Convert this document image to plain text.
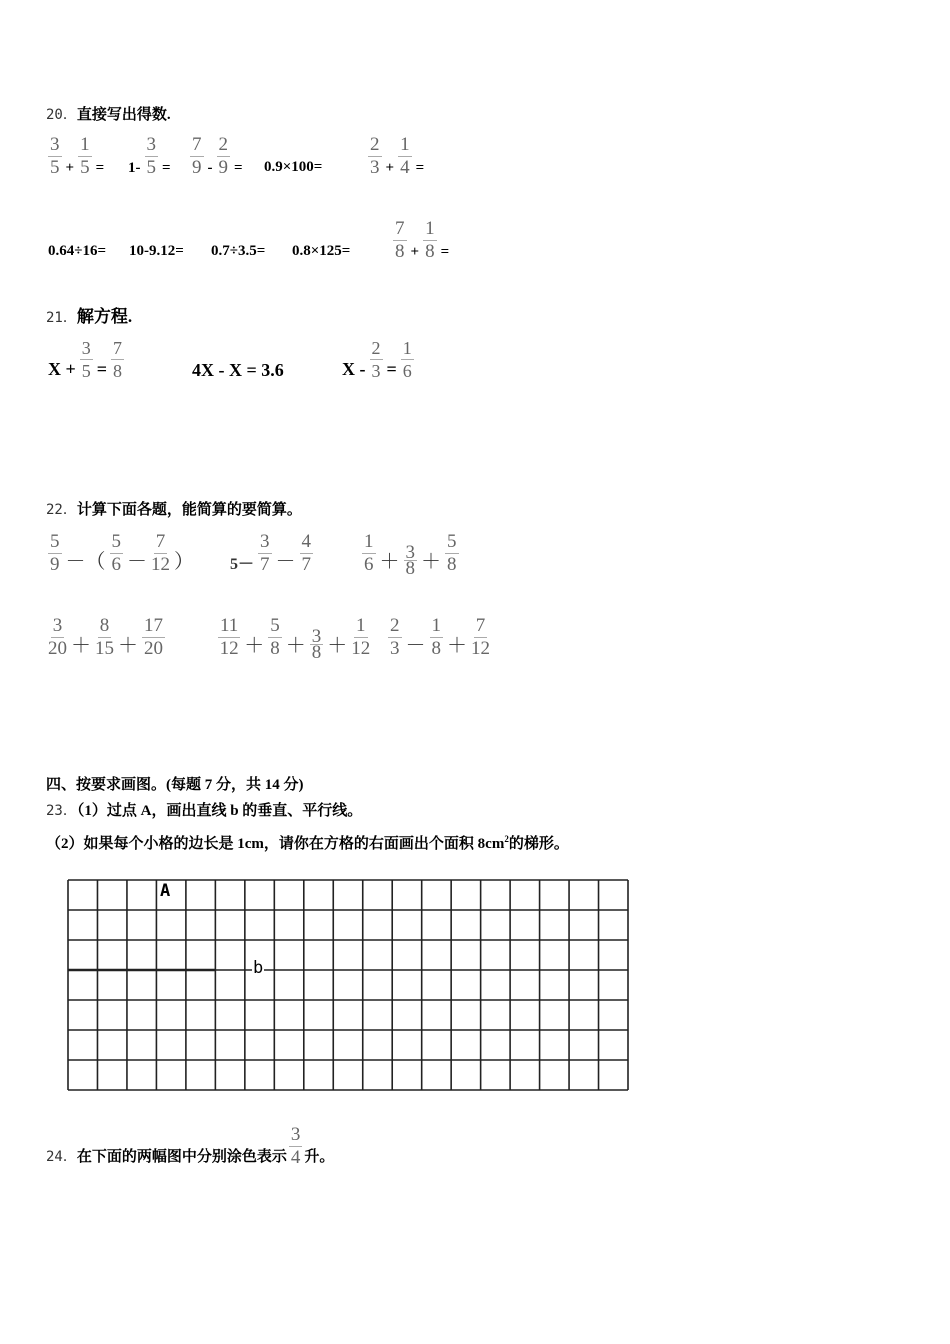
20．直接写出得数.
3
$5 + \frac{1}{5} = 1- \frac{3}{5}$ =
7
$9 - \frac{2}{9} = 0.9\times 100=$
2
$3 + \frac{1}{4}$ =
0.64÷16= 10-9.12= 0.7÷3.5= 0.8×125=
7
$8 + \frac{1}{8}$ =
21．解方程.
$X + \frac{3}{5} = \frac{7}{8}$	4X - X = 3.6	$X - \frac{2}{3} = \frac{1}{6}$
22．计算下面各题，能简算的要简算。
5
9 －（
5
6 －
7
12 ） 5－
3
7 －
4
7
1
6 ＋ 3
8 ＋
5
8
3
20 ＋
8
15 ＋
17
20
11
12 ＋
5
8 ＋ 3
8 ＋
1
12
2
3 －
1
8 ＋
7
12
四、按要求画图。(每题 7 分，共 14 分)
23．（1）过点 A，画出直线 b 的垂直、平行线。
（2）如果每个小格的边长是 1cm，请你在方格的右面画出个面积 $8cm^2$的梯形。
A
b
24． 在下面的两幅图中分别涂色表示
3
4 升。
